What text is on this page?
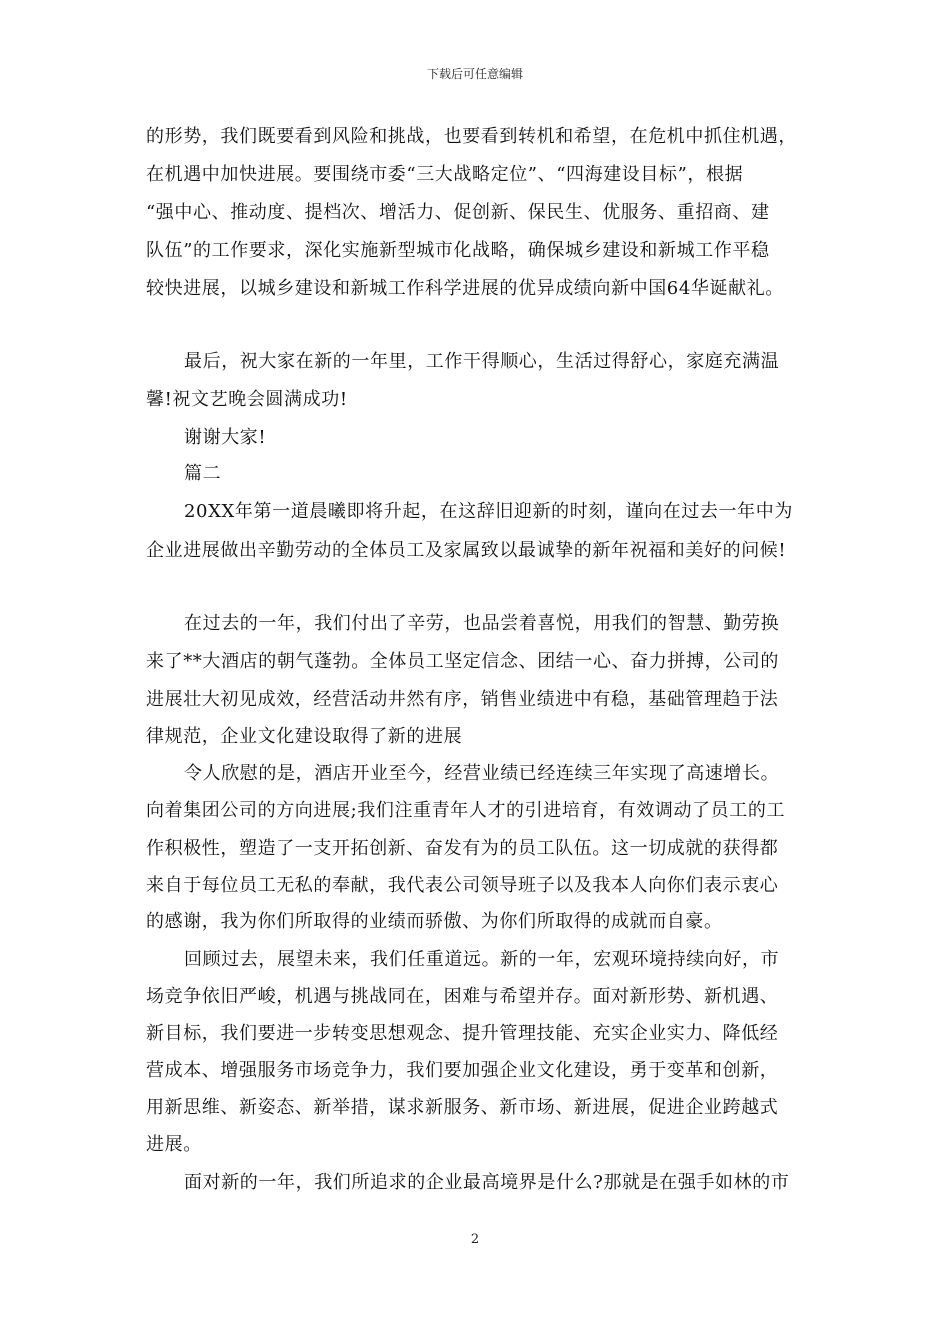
下载后可任意编辑
的形势，我们既要看到风险和挑战，也要看到转机和希望，在危机中抓住机遇，
在机遇中加快进展。要围绕市委“三大战略定位”、“四海建设目标”，根据
“强中心、推动度、提档次、增活力、促创新、保民生、优服务、重招商、建
队伍”的工作要求，深化实施新型城市化战略，确保城乡建设和新城工作平稳
较快进展，以城乡建设和新城工作科学进展的优异成绩向新中国64华诞献礼。
最后，祝大家在新的一年里，工作干得顺心，生活过得舒心，家庭充满温
馨!祝文艺晚会圆满成功!
谢谢大家!
篇二
20XX年第一道晨曦即将升起，在这辞旧迎新的时刻，谨向在过去一年中为
企业进展做出辛勤劳动的全体员工及家属致以最诚挚的新年祝福和美好的问候!
在过去的一年，我们付出了辛劳，也品尝着喜悦，用我们的智慧、勤劳换
来了**大酒店的朝气蓬勃。全体员工坚定信念、团结一心、奋力拼搏，公司的
进展壮大初见成效，经营活动井然有序，销售业绩进中有稳，基础管理趋于法
律规范，企业文化建设取得了新的进展
令人欣慰的是，酒店开业至今，经营业绩已经连续三年实现了高速增长。
向着集团公司的方向进展;我们注重青年人才的引进培育，有效调动了员工的工
作积极性，塑造了一支开拓创新、奋发有为的员工队伍。这一切成就的获得都
来自于每位员工无私的奉献，我代表公司领导班子以及我本人向你们表示衷心
的感谢，我为你们所取得的业绩而骄傲、为你们所取得的成就而自豪。
回顾过去，展望未来，我们任重道远。新的一年，宏观环境持续向好，市
场竞争依旧严峻，机遇与挑战同在，困难与希望并存。面对新形势、新机遇、
新目标，我们要进一步转变思想观念、提升管理技能、充实企业实力、降低经
营成本、增强服务市场竞争力，我们要加强企业文化建设，勇于变革和创新，
用新思维、新姿态、新举措，谋求新服务、新市场、新进展，促进企业跨越式
进展。
面对新的一年，我们所追求的企业最高境界是什么?那就是在强手如林的市
2
